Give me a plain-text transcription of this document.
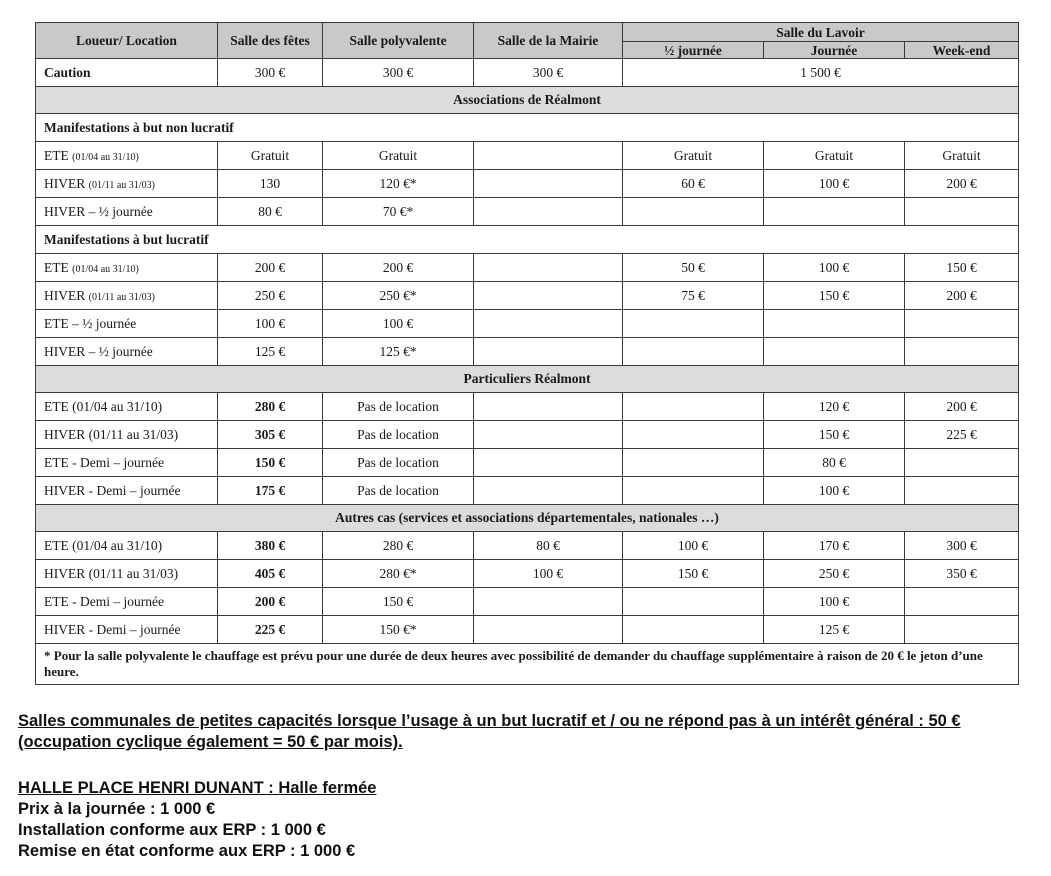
Loueur/ Location	Salle des fêtes	Salle polyvalente	Salle de la Mairie	Salle du Lavoir		
				½ journée	Journée	Week-end
Caution	300 €	300 €	300 €	1 500 €		
Associations de Réalmont						
Manifestations à but non lucratif						
ETE (01/04 au 31/10)	Gratuit	Gratuit		Gratuit	Gratuit	Gratuit
HIVER (01/11 au 31/03)	130	120 €*		60 €	100 €	200 €
HIVER – ½ journée	80 €	70 €*				
Manifestations à but lucratif						
ETE (01/04 au 31/10)	200 €	200 €		50 €	100 €	150 €
HIVER (01/11 au 31/03)	250 €	250 €*		75 €	150 €	200 €
ETE – ½ journée	100 €	100 €				
HIVER – ½ journée	125 €	125 €*				
Particuliers Réalmont						
ETE (01/04 au 31/10)	280 €	Pas de location			120 €	200 €
HIVER (01/11 au 31/03)	305 €	Pas de location			150 €	225 €
ETE - Demi – journée	150 €	Pas de location			80 €	
HIVER - Demi – journée	175 €	Pas de location			100 €	
Autres cas (services et associations départementales, nationales …)						
ETE (01/04 au 31/10)	380 €	280 €	80 €	100 €	170 €	300 €
HIVER (01/11 au 31/03)	405 €	280 €*	100 €	150 €	250 €	350 €
ETE - Demi – journée	200 €	150 €			100 €	
HIVER - Demi – journée	225 €	150 €*			125 €	
* Pour la salle polyvalente le chauffage est prévu pour une durée de deux heures avec possibilité de demander du chauffage supplémentaire à raison de 20 € le jeton d’une heure.						
Salles communales de petites capacités lorsque l’usage à un but lucratif et / ou ne répond pas à un intérêt général : 50 € (occupation cyclique également = 50 € par mois).
HALLE PLACE HENRI DUNANT : Halle fermée
Prix à la journée : 1 000 €
Installation conforme aux ERP : 1 000 €
Remise en état conforme aux ERP : 1 000 €
